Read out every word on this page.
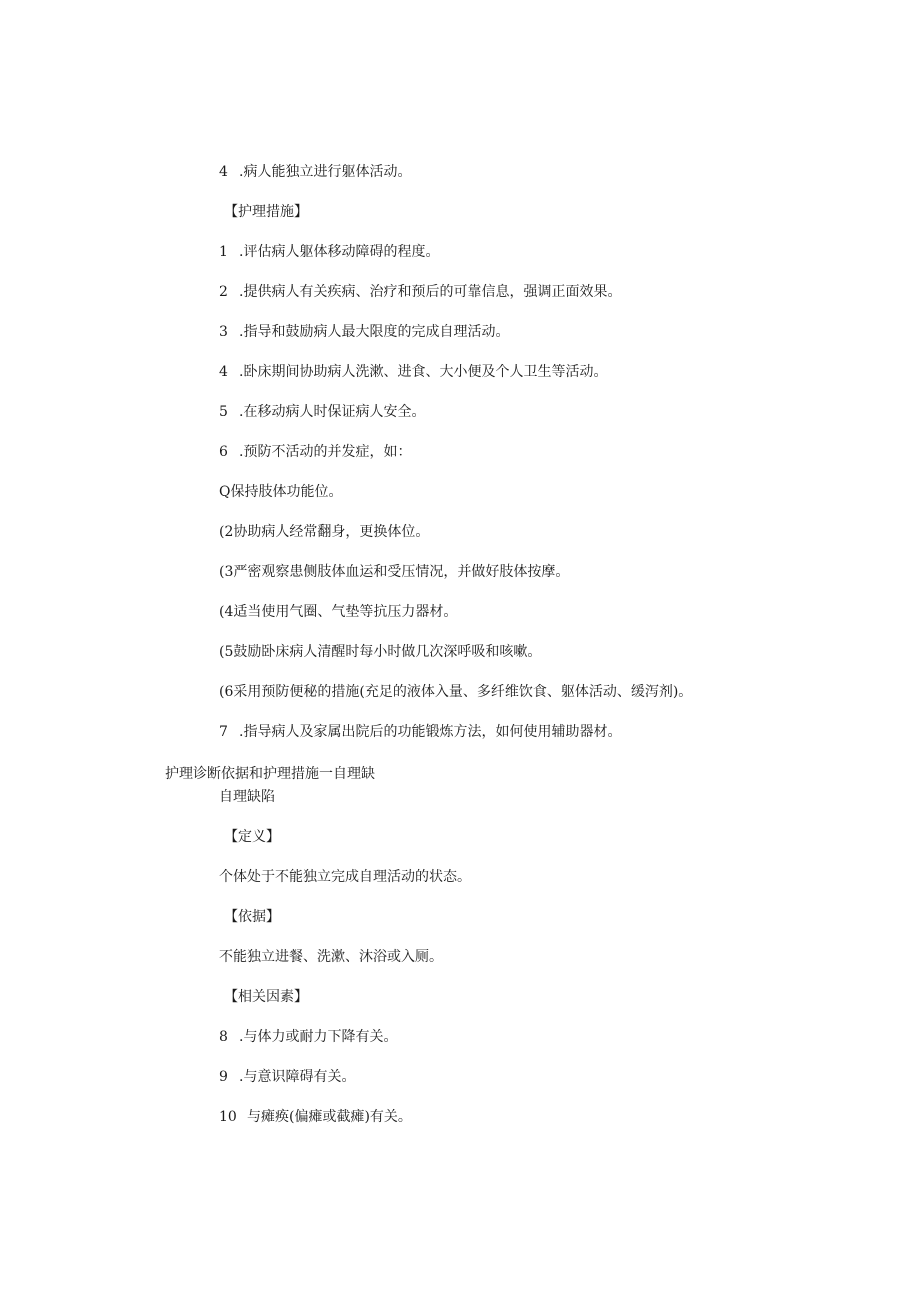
4 .病人能独立进行躯体活动。
【护理措施】
1 .评估病人躯体移动障碍的程度。
2 .提供病人有关疾病、治疗和预后的可靠信息，强调正面效果。
3 .指导和鼓励病人最大限度的完成自理活动。
4 .卧床期间协助病人洗漱、进食、大小便及个人卫生等活动。
5 .在移动病人时保证病人安全。
6 .预防不活动的并发症，如：
Q保持肢体功能位。
(2协助病人经常翻身，更换体位。
(3严密观察患侧肢体血运和受压情况，并做好肢体按摩。
(4适当使用气圈、气垫等抗压力器材。
(5鼓励卧床病人清醒时每小时做几次深呼吸和咳嗽。
(6采用预防便秘的措施(充足的液体入量、多纤维饮食、躯体活动、缓泻剂)。
7 .指导病人及家属出院后的功能锻炼方法，如何使用辅助器材。
护理诊断依据和护理措施一自理缺
自理缺陷
【定义】
个体处于不能独立完成自理活动的状态。
【依据】
不能独立进餐、洗漱、沐浴或入厕。
【相关因素】
8 .与体力或耐力下降有关。
9 .与意识障碍有关。
10 与瘫痪(偏瘫或截瘫)有关。
